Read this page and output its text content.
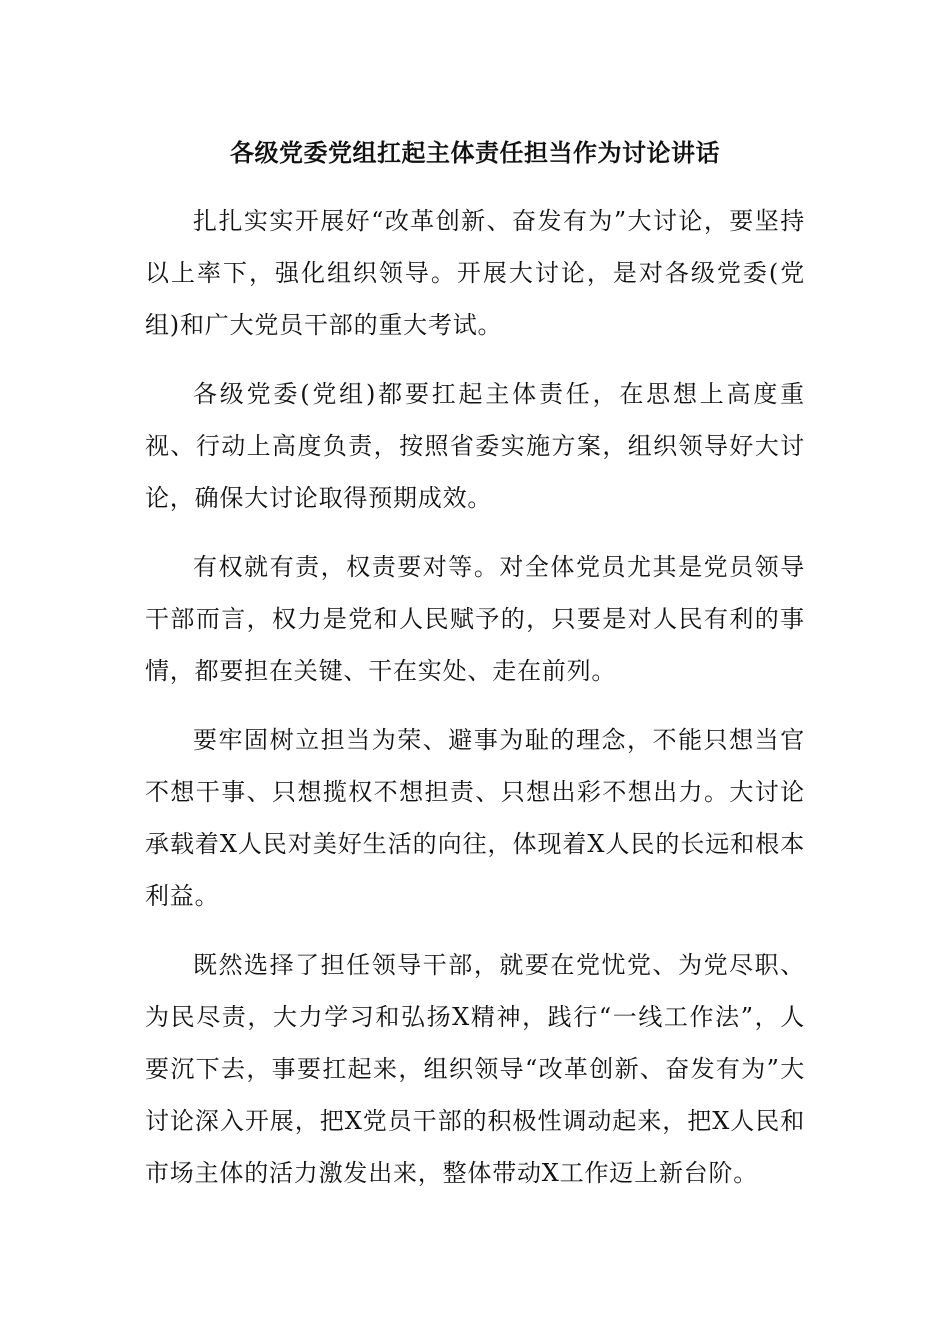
各级党委党组扛起主体责任担当作为讨论讲话

扎扎实实开展好“改革创新、奋发有为”大讨论，要坚持以上率下，强化组织领导。开展大讨论，是对各级党委(党组)和广大党员干部的重大考试。

各级党委(党组)都要扛起主体责任，在思想上高度重视、行动上高度负责，按照省委实施方案，组织领导好大讨论，确保大讨论取得预期成效。

有权就有责，权责要对等。对全体党员尤其是党员领导干部而言，权力是党和人民赋予的，只要是对人民有利的事情，都要担在关键、干在实处、走在前列。

要牢固树立担当为荣、避事为耻的理念，不能只想当官不想干事、只想揽权不想担责、只想出彩不想出力。大讨论承载着X人民对美好生活的向往，体现着X人民的长远和根本利益。

既然选择了担任领导干部，就要在党忧党、为党尽职、为民尽责，大力学习和弘扬X精神，践行“一线工作法”，人要沉下去，事要扛起来，组织领导“改革创新、奋发有为”大讨论深入开展，把X党员干部的积极性调动起来，把X人民和市场主体的活力激发出来，整体带动X工作迈上新台阶。
